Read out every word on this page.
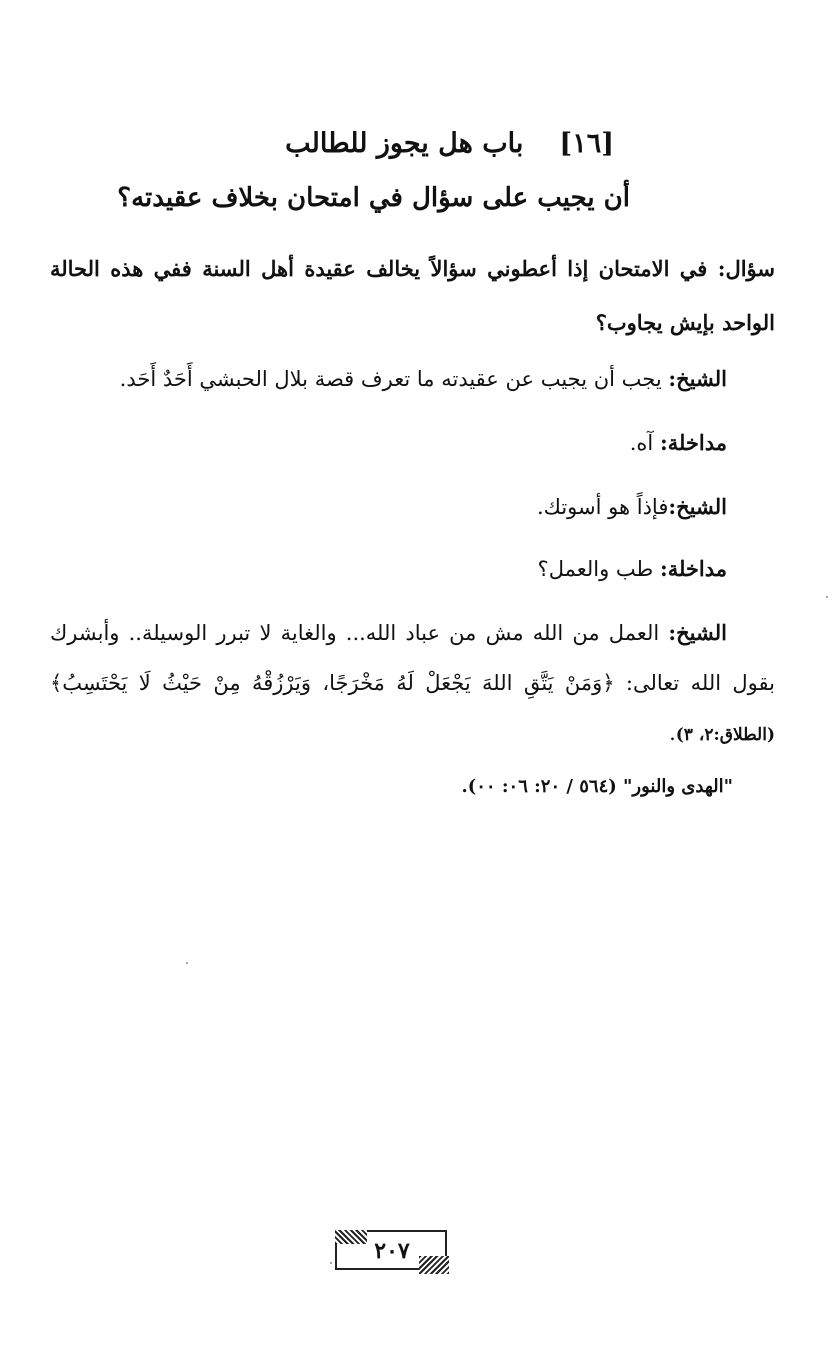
[١٦]
باب هل يجوز للطالب
أن يجيب على سؤال في امتحان بخلاف عقيدته؟
سؤال: في الامتحان إذا أعطوني سؤالاً يخالف عقيدة أهل السنة ففي هذه الحالة الواحد بإيش يجاوب؟
الشيخ: يجب أن يجيب عن عقيدته ما تعرف قصة بلال الحبشي أَحَدٌ أَحَد.
مداخلة: آه.
الشيخ:فإذاً هو أسوتك.
مداخلة: طب والعمل؟
الشيخ: العمل من الله مش من عباد الله... والغاية لا تبرر الوسيلة.. وأبشرك بقول الله تعالى: ﴿وَمَنْ يَتَّقِ اللهَ يَجْعَلْ لَهُ مَخْرَجًا، وَيَرْزُقْهُ مِنْ حَيْثُ لَا يَحْتَسِبُ﴾(الطلاق:٢، ٣).
"الهدى والنور" (٥٦٤ / ٢٠: ٠٦: ٠٠).
٢٠٧
